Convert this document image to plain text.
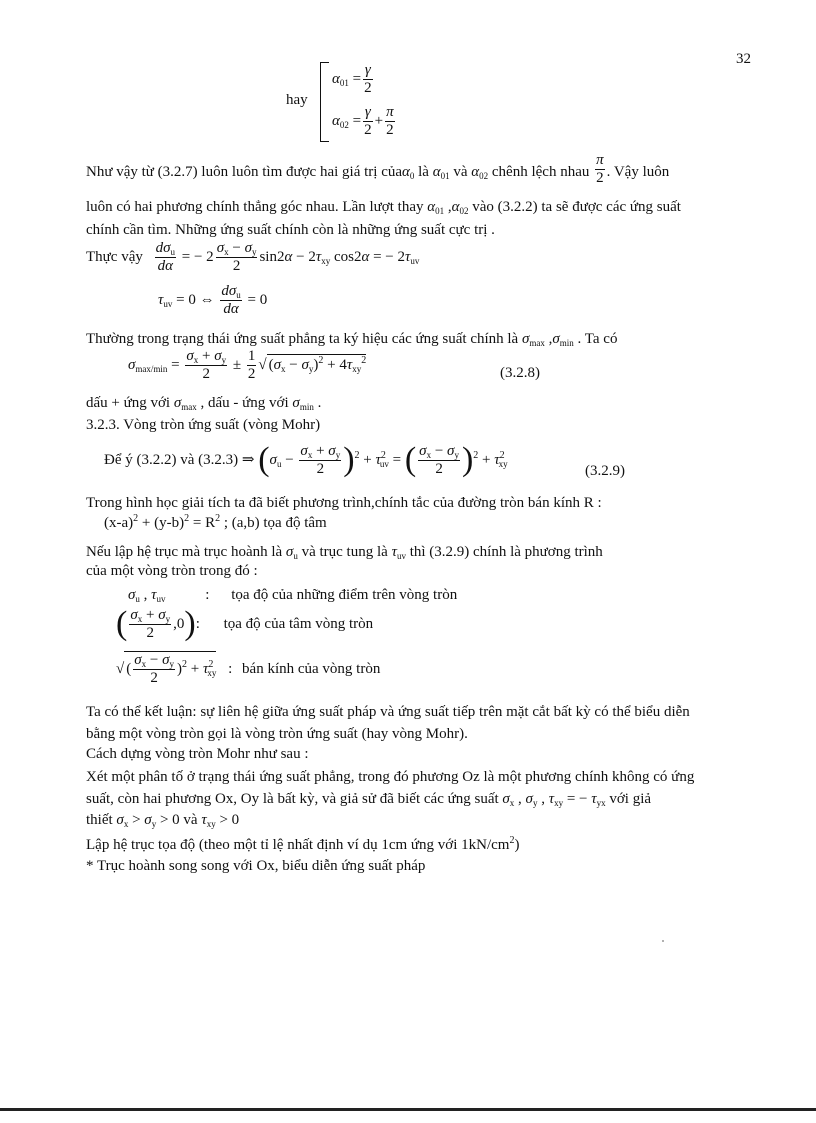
32
hay
$\alpha_{01} = \frac{\gamma}{2}$
$\alpha_{02} = \frac{\gamma}{2} + \frac{\pi}{2}$
Như vậy từ (3.2.7) luôn luôn tìm được hai giá trị củaα$_0$ là $\alpha_{01}$ và $\alpha_{02}$ chênh lệch nhau $\frac{\pi}{2}$ . Vậy luôn
luôn có hai phương chính thẳng góc nhau. Lần lượt thay $\alpha_{01}$ $,\alpha_{02}$ vào (3.2.2) ta sẽ được các ứng suất
chính cần tìm. Những ứng suất chính còn là những ứng suất cực trị .
Thực vậy $\frac{d\sigma_u}{d\alpha}$ = − $2 \frac{\sigma_x - \sigma_y}{2} \sin 2\alpha - 2\tau_{xy}$ cos2α = − $2\tau_{uv}$
$\tau_{uv} = 0$ ⇔ $\frac{d\sigma_u}{d\alpha} = 0$
Thường trong trạng thái ứng suất phẳng ta ký hiệu các ứng suất chính là $\sigma_{max}$ $,\sigma_{min}$ . Ta có
$\sigma_{max/min} = \frac{\sigma_x + \sigma_y}{2} \pm \frac{1}{2}$ √ $(\sigma_x - \sigma_y)^2 + 4\tau_{xy}^2$
(3.2.8)
dấu + ứng với $\sigma_{max}$ , dấu - ứng với $\sigma_{min}$ .
3.2.3. Vòng tròn ứng suất (vòng Mohr)
Để ý (3.2.2) và (3.2.3) ⇒ $(\sigma_u - \frac{\sigma_x + \sigma_y}{2} )^2 + \tau^2_{uv}$ = ( $\frac{\sigma_x - \sigma_y}{2} )^2 + \tau^2_{xy}$	(3.2.9)
Trong hình học giải tích ta đã biết phương trình,chính tắc của đường tròn bán kính R :
$(x-a)^2 + (y-b)^2 = R^2$ ; (a,b) tọa độ tâm
Nếu lập hệ trục mà trục hoành là $\sigma_u$ và trục tung là $\tau_{uv}$ thì (3.2.9) chính là phương trình
của một vòng tròn trong đó :
$\sigma_u$ , $\tau_{uv}$	: tọa độ của những điểm trên vòng tròn
( $\frac{\sigma_x + \sigma_y}{2} ,0$): tọa độ của tâm vòng tròn
√ ( $\frac{\sigma_x - \sigma_y}{2} )^2 + \tau^2_{xy}$ : bán kính của vòng tròn
Ta có thể kết luận: sự liên hệ giữa ứng suất pháp và ứng suất tiếp trên mặt cắt bất kỳ có thể biểu diễn
bằng một vòng tròn gọi là vòng tròn ứng suất (hay vòng Mohr).
Cách dựng vòng tròn Mohr như sau :
Xét một phân tố ở trạng thái ứng suất phẳng, trong đó phương Oz là một phương chính không có ứng
suất, còn hai phương Ox, Oy là bất kỳ, và giả sử đã biết các ứng suất $\sigma_x$ , $\sigma_y$ , $\tau_{xy}$ = − $\tau_{yx}$ với giả
thiết $\sigma_x > \sigma_y > 0$ và $\tau_{xy} > 0$
Lập hệ trục tọa độ (theo một tỉ lệ nhất định ví dụ 1cm ứng với $1kN/cm^2$)
* Trục hoành song song với Ox, biểu diễn ứng suất pháp
